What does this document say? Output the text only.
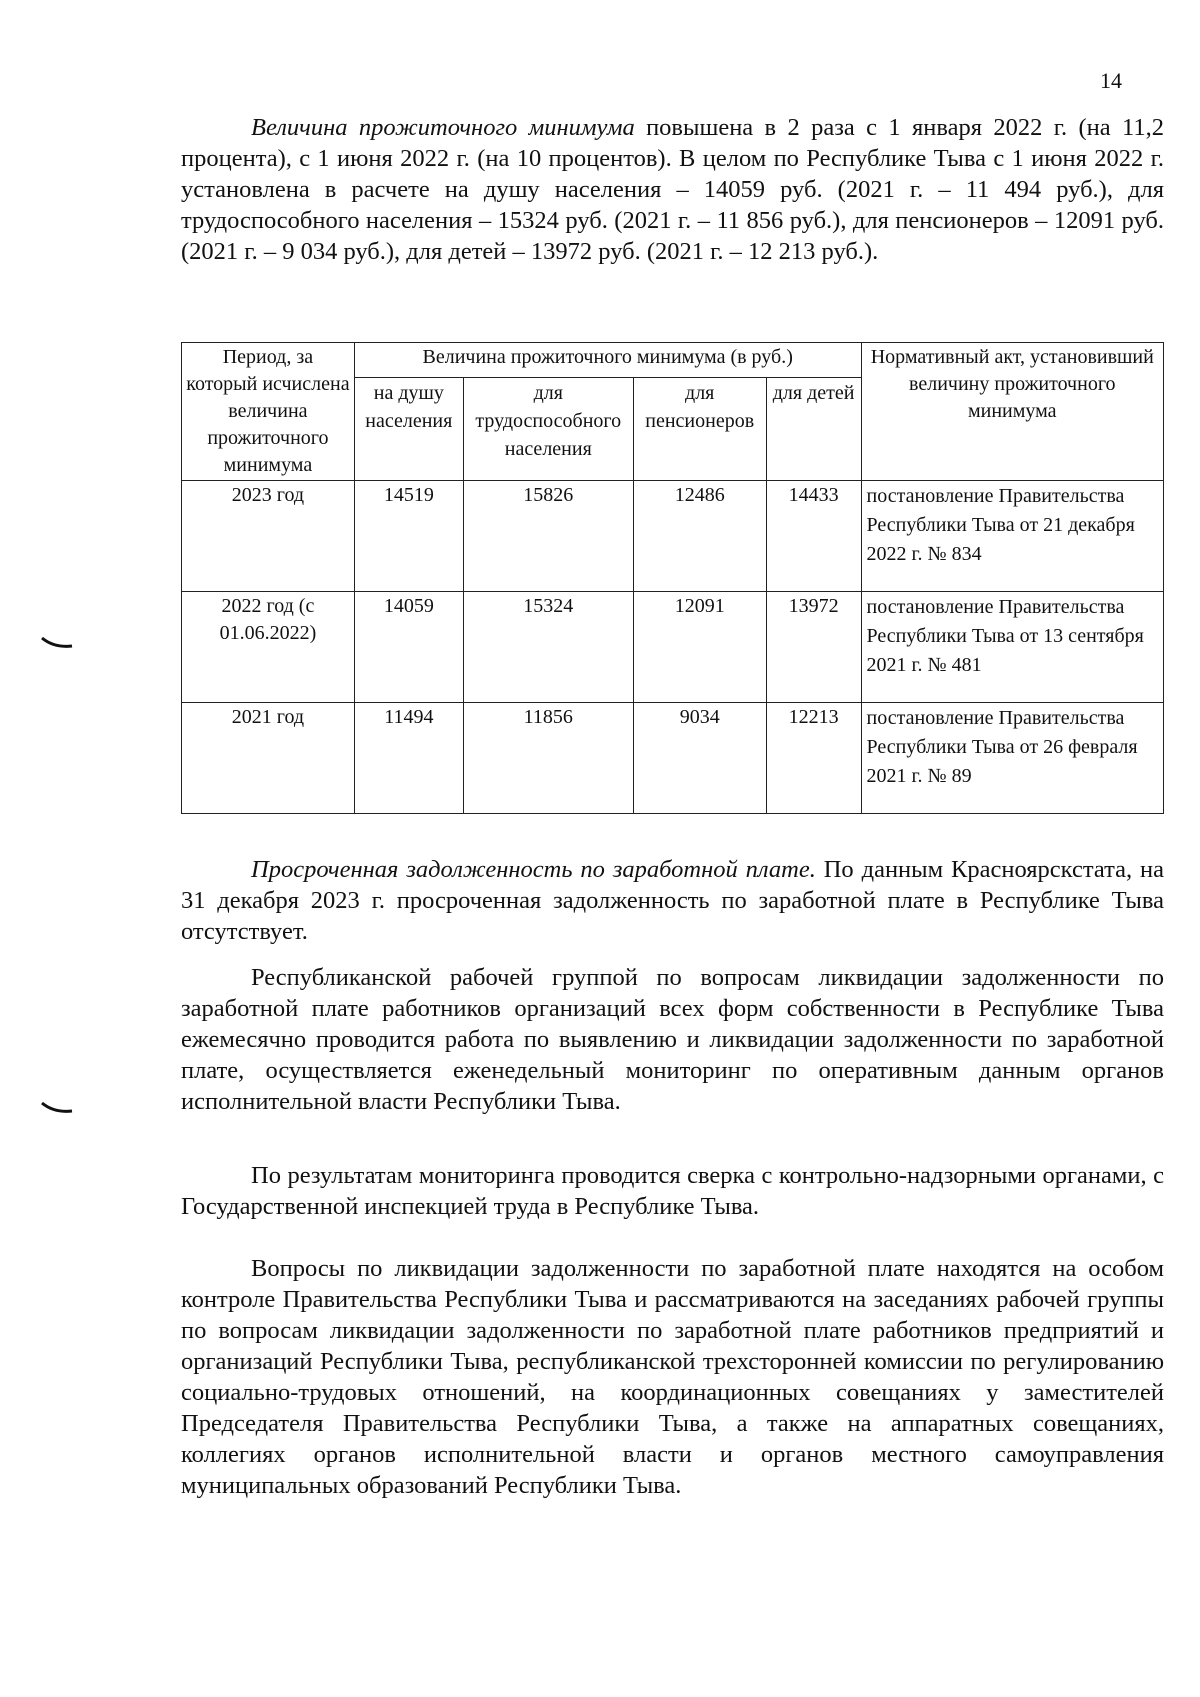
14

Величина прожиточного минимума повышена в 2 раза с 1 января 2022 г. (на 11,2 процента), с 1 июня 2022 г. (на 10 процентов). В целом по Республике Тыва с 1 июня 2022 г. установлена в расчете на душу населения – 14059 руб. (2021 г. – 11 494 руб.), для трудоспособного населения – 15324 руб. (2021 г. – 11 856 руб.), для пенсионеров – 12091 руб. (2021 г. – 9 034 руб.), для детей – 13972 руб. (2021 г. – 12 213 руб.).

Период, за который исчислена величина прожиточного минимума	Величина прожиточного минимума (в руб.)				Нормативный акт, установивший величину прожиточного минимума
	на душу населения	для трудоспособного населения	для пенсионеров	для детей	
2023 год	14519	15826	12486	14433	постановление Правительства Республики Тыва от 21 декабря 2022 г. № 834
2022 год (с 01.06.2022)	14059	15324	12091	13972	постановление Правительства Республики Тыва от 13 сентября 2021 г. № 481
2021 год	11494	11856	9034	12213	постановление Правительства Республики Тыва от 26 февраля 2021 г. № 89

Просроченная задолженность по заработной плате. По данным Красноярскстата, на 31 декабря 2023 г. просроченная задолженность по заработной плате в Республике Тыва отсутствует.

Республиканской рабочей группой по вопросам ликвидации задолженности по заработной плате работников организаций всех форм собственности в Республике Тыва ежемесячно проводится работа по выявлению и ликвидации задолженности по заработной плате, осуществляется еженедельный мониторинг по оперативным данным органов исполнительной власти Республики Тыва.

По результатам мониторинга проводится сверка с контрольно-надзорными органами, с Государственной инспекцией труда в Республике Тыва.

Вопросы по ликвидации задолженности по заработной плате находятся на особом контроле Правительства Республики Тыва и рассматриваются на заседаниях рабочей группы по вопросам ликвидации задолженности по заработной плате работников предприятий и организаций Республики Тыва, республиканской трехсторонней комиссии по регулированию социально-трудовых отношений, на координационных совещаниях у заместителей Председателя Правительства Республики Тыва, а также на аппаратных совещаниях, коллегиях органов исполнительной власти и органов местного самоуправления муниципальных образований Республики Тыва.
